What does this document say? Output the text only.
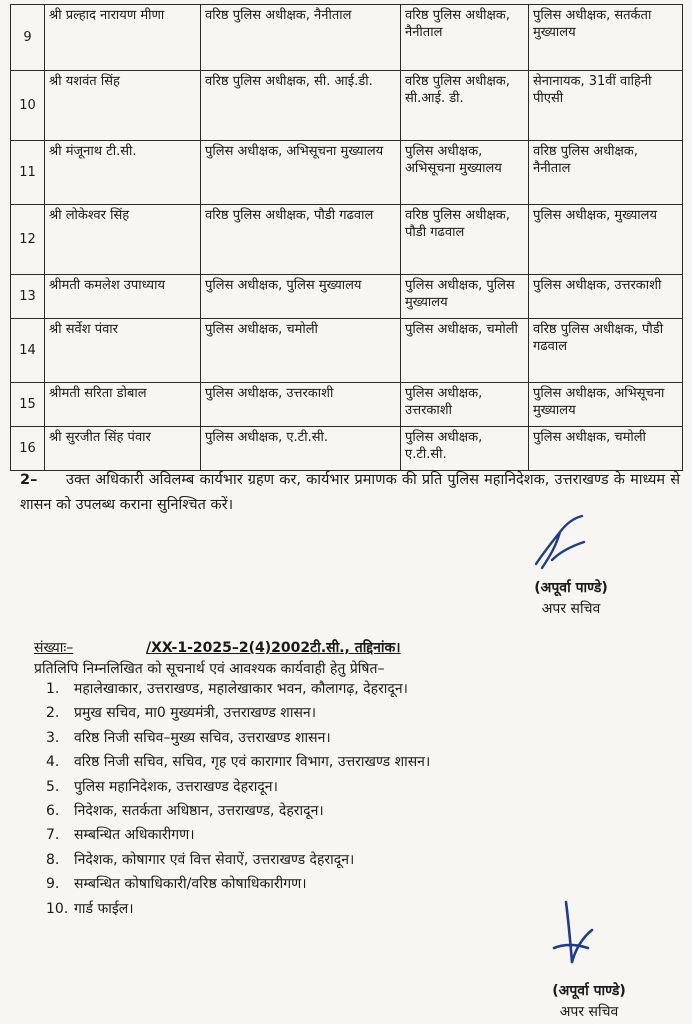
9	श्री प्रल्हाद नारायण मीणा	वरिष्ठ पुलिस अधीक्षक, नैनीताल	वरिष्ठ पुलिस अधीक्षक, नैनीताल	पुलिस अधीक्षक, सतर्कता मुख्यालय
10	श्री यशवंत सिंह	वरिष्ठ पुलिस अधीक्षक, सी. आई.डी.	वरिष्ठ पुलिस अधीक्षक, सी.आई. डी.	सेनानायक, 31वीं वाहिनी पीएसी
11	श्री मंजूनाथ टी.सी.	पुलिस अधीक्षक, अभिसूचना मुख्यालय	पुलिस अधीक्षक, अभिसूचना मुख्यालय	वरिष्ठ पुलिस अधीक्षक, नैनीताल
12	श्री लोकेश्वर सिंह	वरिष्ठ पुलिस अधीक्षक, पौडी गढवाल	वरिष्ठ पुलिस अधीक्षक, पौडी गढवाल	पुलिस अधीक्षक, मुख्यालय
13	श्रीमती कमलेश उपाध्याय	पुलिस अधीक्षक, पुलिस मुख्यालय	पुलिस अधीक्षक, पुलिस मुख्यालय	पुलिस अधीक्षक, उत्तरकाशी
14	श्री सर्वेश पंवार	पुलिस अधीक्षक, चमोली	पुलिस अधीक्षक, चमोली	वरिष्ठ पुलिस अधीक्षक, पौडी गढवाल
15	श्रीमती सरिता डोबाल	पुलिस अधीक्षक, उत्तरकाशी	पुलिस अधीक्षक, उत्तरकाशी	पुलिस अधीक्षक, अभिसूचना मुख्यालय
16	श्री सुरजीत सिंह पंवार	पुलिस अधीक्षक, ए.टी.सी.	पुलिस अधीक्षक, ए.टी.सी.	पुलिस अधीक्षक, चमोली
2– उक्त अधिकारी अविलम्ब कार्यभार ग्रहण कर, कार्यभार प्रमाणक की प्रति पुलिस महानिदेशक, उत्तराखण्ड के माध्यम से शासन को उपलब्ध कराना सुनिश्चित करें।
(अपूर्वा पाण्डे)
अपर सचिव
संख्याः–	/XX-1-2025–2(4)2002टी.सी., तद्दिनांक।
प्रतिलिपि निम्नलिखित को सूचनार्थ एवं आवश्यक कार्यवाही हेतु प्रेषित–
1. महालेखाकार, उत्तराखण्ड, महालेखाकार भवन, कौलागढ़, देहरादून।
2. प्रमुख सचिव, मा0 मुख्यमंत्री, उत्तराखण्ड शासन।
3. वरिष्ठ निजी सचिव–मुख्य सचिव, उत्तराखण्ड शासन।
4. वरिष्ठ निजी सचिव, सचिव, गृह एवं कारागार विभाग, उत्तराखण्ड शासन।
5. पुलिस महानिदेशक, उत्तराखण्ड देहरादून।
6. निदेशक, सतर्कता अधिष्ठान, उत्तराखण्ड, देहरादून।
7. सम्बन्धित अधिकारीगण।
8. निदेशक, कोषागार एवं वित्त सेवाऐं, उत्तराखण्ड देहरादून।
9. सम्बन्धित कोषाधिकारी/वरिष्ठ कोषाधिकारीगण।
10. गार्ड फाईल।
(अपूर्वा पाण्डे)
अपर सचिव
